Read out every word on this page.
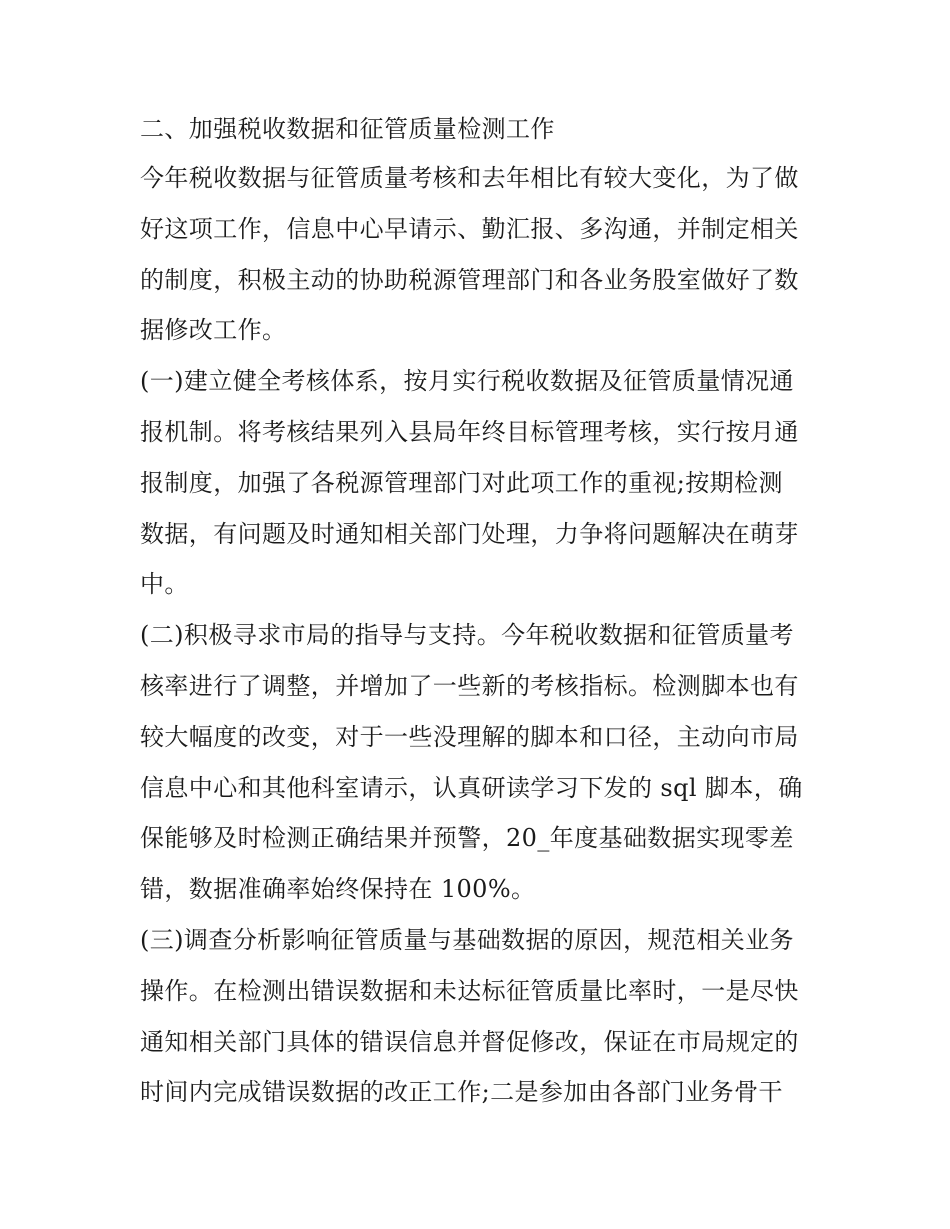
二、加强税收数据和征管质量检测工作
今年税收数据与征管质量考核和去年相比有较大变化，为了做
好这项工作，信息中心早请示、勤汇报、多沟通，并制定相关
的制度，积极主动的协助税源管理部门和各业务股室做好了数
据修改工作。
(一)建立健全考核体系，按月实行税收数据及征管质量情况通
报机制。将考核结果列入县局年终目标管理考核，实行按月通
报制度，加强了各税源管理部门对此项工作的重视;按期检测
数据，有问题及时通知相关部门处理，力争将问题解决在萌芽
中。
(二)积极寻求市局的指导与支持。今年税收数据和征管质量考
核率进行了调整，并增加了一些新的考核指标。检测脚本也有
较大幅度的改变，对于一些没理解的脚本和口径，主动向市局
信息中心和其他科室请示，认真研读学习下发的 sql 脚本，确
保能够及时检测正确结果并预警，20_年度基础数据实现零差
错，数据准确率始终保持在 100%。
(三)调查分析影响征管质量与基础数据的原因，规范相关业务
操作。在检测出错误数据和未达标征管质量比率时，一是尽快
通知相关部门具体的错误信息并督促修改，保证在市局规定的
时间内完成错误数据的改正工作;二是参加由各部门业务骨干
